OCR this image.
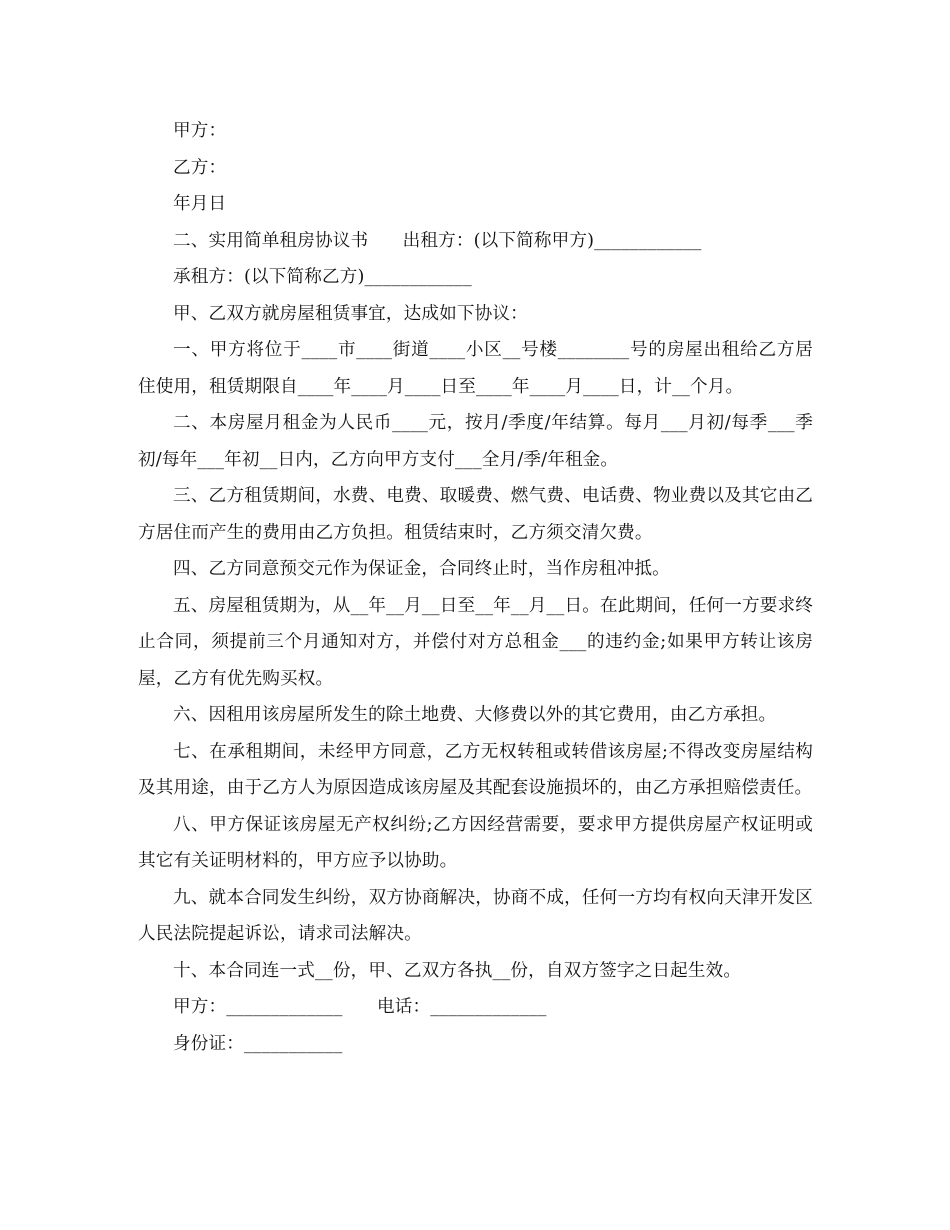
甲方：

乙方：

年月日

二、实用简单租房协议书      出租方：(以下简称甲方)____________

承租方：(以下简称乙方)____________

甲、乙双方就房屋租赁事宜，达成如下协议：

一、甲方将位于____市____街道____小区__号楼________号的房屋出租给乙方居住使用，租赁期限自____年____月____日至____年____月____日，计__个月。

二、本房屋月租金为人民币____元，按月/季度/年结算。每月___月初/每季___季初/每年___年初__日内，乙方向甲方支付___全月/季/年租金。

三、乙方租赁期间，水费、电费、取暖费、燃气费、电话费、物业费以及其它由乙方居住而产生的费用由乙方负担。租赁结束时，乙方须交清欠费。

四、乙方同意预交元作为保证金，合同终止时，当作房租冲抵。

五、房屋租赁期为，从__年__月__日至__年__月__日。在此期间，任何一方要求终止合同，须提前三个月通知对方，并偿付对方总租金___的违约金;如果甲方转让该房屋，乙方有优先购买权。

六、因租用该房屋所发生的除土地费、大修费以外的其它费用，由乙方承担。

七、在承租期间，未经甲方同意，乙方无权转租或转借该房屋;不得改变房屋结构及其用途，由于乙方人为原因造成该房屋及其配套设施损坏的，由乙方承担赔偿责任。

八、甲方保证该房屋无产权纠纷;乙方因经营需要，要求甲方提供房屋产权证明或其它有关证明材料的，甲方应予以协助。

九、就本合同发生纠纷，双方协商解决，协商不成，任何一方均有权向天津开发区人民法院提起诉讼，请求司法解决。

十、本合同连一式__份，甲、乙双方各执__份，自双方签字之日起生效。

甲方：_____________      电话：_____________

身份证：___________
